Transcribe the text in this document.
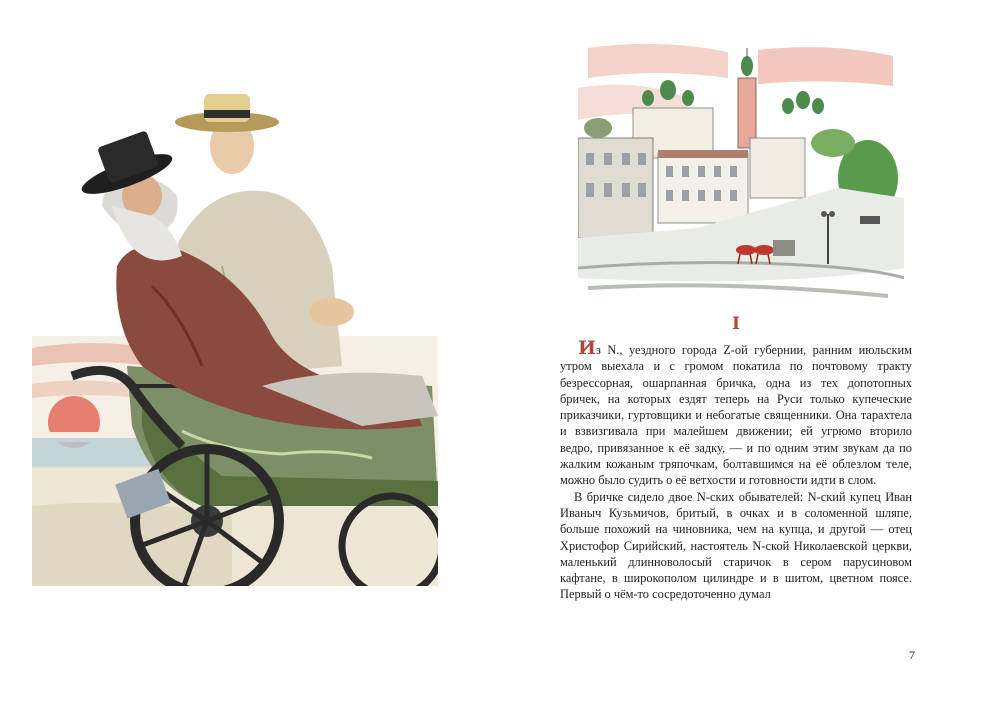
I

Из N., уездного города Z-ой губернии, ранним июльским утром выехала и с громом покатила по почтовому тракту безрессорная, ошарпанная бричка, одна из тех допотопных бричек, на которых ездят теперь на Руси только купеческие приказчики, гуртовщики и небогатые священники. Она тарахтела и взвизгивала при малейшем движении; ей угрюмо вторило ведро, привязанное к её задку, — и по одним этим звукам да по жалким кожаным тряпочкам, болтавшимся на её облезлом теле, можно было судить о её ветхости и готовности идти в слом.

В бричке сидело двое N-ских обывателей: N-ский купец Иван Иваныч Кузьмичов, бритый, в очках и в соломенной шляпе, больше похожий на чиновника, чем на купца, и другой — отец Христофор Сирийский, настоятель N-ской Николаевской церкви, маленький длинноволосый старичок в сером парусиновом кафтане, в широкополом цилиндре и в шитом, цветном поясе. Первый о чём-то сосредоточенно думал

7
